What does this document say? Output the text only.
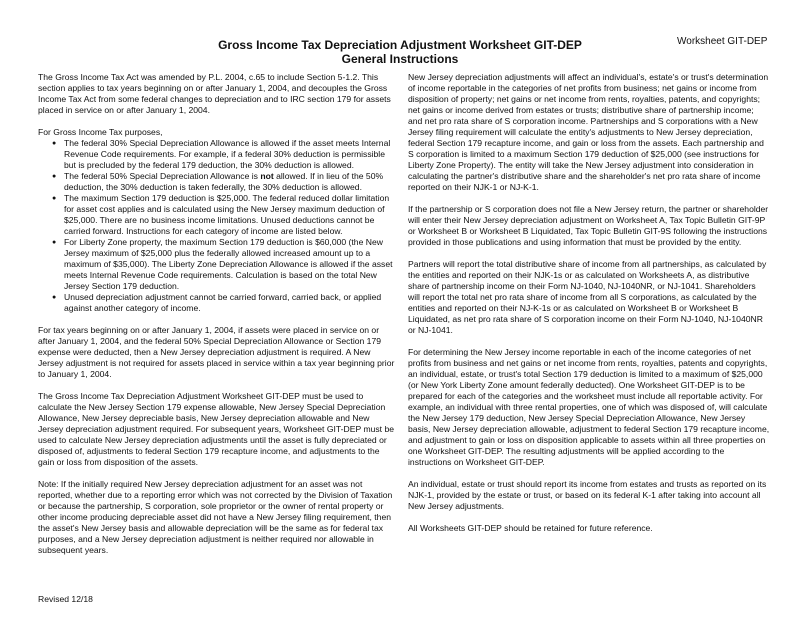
Worksheet GIT-DEP
Gross Income Tax Depreciation Adjustment Worksheet GIT-DEP
General Instructions

The Gross Income Tax Act was amended by P.L. 2004, c.65 to include Section 5-1.2. This section applies to tax years beginning on or after January 1, 2004, and decouples the Gross Income Tax Act from some federal changes to depreciation and to IRC section 179 for assets placed in service on or after January 1, 2004.

For Gross Income Tax purposes,

● The federal 30% Special Depreciation Allowance is allowed if the asset meets Internal Revenue Code requirements. For example, if a federal 30% deduction is permissible but is precluded by the federal 179 deduction, the 30% deduction is allowed.
● The federal 50% Special Depreciation Allowance is not allowed. If in lieu of the 50% deduction, the 30% deduction is taken federally, the 30% deduction is allowed.
● The maximum Section 179 deduction is $25,000. The federal reduced dollar limitation for asset cost applies and is calculated using the New Jersey maximum deduction of $25,000. There are no business income limitations. Unused deductions cannot be carried forward. Instructions for each category of income are listed below.
● For Liberty Zone property, the maximum Section 179 deduction is $60,000 (the New Jersey maximum of $25,000 plus the federally allowed increased amount up to a maximum of $35,000). The Liberty Zone Depreciation Allowance is allowed if the asset meets Internal Revenue Code requirements. Calculation is based on the total New Jersey Section 179 deduction.
● Unused depreciation adjustment cannot be carried forward, carried back, or applied against another category of income.

For tax years beginning on or after January 1, 2004, if assets were placed in service on or after January 1, 2004, and the federal 50% Special Depreciation Allowance or Section 179 expense were deducted, then a New Jersey depreciation adjustment is required. A New Jersey adjustment is not required for assets placed in service within a tax year beginning prior to January 1, 2004.

The Gross Income Tax Depreciation Adjustment Worksheet GIT-DEP must be used to calculate the New Jersey Section 179 expense allowable, New Jersey Special Depreciation Allowance, New Jersey depreciable basis, New Jersey depreciation allowable and New Jersey depreciation adjustment required. For subsequent years, Worksheet GIT-DEP must be used to calculate New Jersey depreciation adjustments until the asset is fully depreciated or disposed of, adjustments to federal Section 179 recapture income, and adjustments to the gain or loss from disposition of the assets.

Note: If the initially required New Jersey depreciation adjustment for an asset was not reported, whether due to a reporting error which was not corrected by the Division of Taxation or because the partnership, S corporation, sole proprietor or the owner of rental property or other income producing depreciable asset did not have a New Jersey filing requirement, then the asset's New Jersey basis and allowable depreciation will be the same as for federal tax purposes, and a New Jersey depreciation adjustment is neither required nor allowable in subsequent years.

New Jersey depreciation adjustments will affect an individual's, estate's or trust's determination of income reportable in the categories of net profits from business; net gains or income from disposition of property; net gains or net income from rents, royalties, patents, and copyrights; net gains or income derived from estates or trusts; distributive share of partnership income; and net pro rata share of S corporation income. Partnerships and S corporations with a New Jersey filing requirement will calculate the entity's adjustments to New Jersey depreciation, federal Section 179 recapture income, and gain or loss from the assets. Each partnership and S corporation is limited to a maximum Section 179 deduction of $25,000 (see instructions for Liberty Zone Property). The entity will take the New Jersey adjustment into consideration in calculating the partner's distributive share and the shareholder's net pro rata share of income reported on their NJK-1 or NJ-K-1.

If the partnership or S corporation does not file a New Jersey return, the partner or shareholder will enter their New Jersey depreciation adjustment on Worksheet A, Tax Topic Bulletin GIT-9P or Worksheet B or Worksheet B Liquidated, Tax Topic Bulletin GIT-9S following the instructions provided in those publications and using information that must be provided by the entity.

Partners will report the total distributive share of income from all partnerships, as calculated by the entities and reported on their NJK-1s or as calculated on Worksheets A, as distributive share of partnership income on their Form NJ-1040, NJ-1040NR, or NJ-1041. Shareholders will report the total net pro rata share of income from all S corporations, as calculated by the entities and reported on their NJ-K-1s or as calculated on Worksheet B or Worksheet B Liquidated, as net pro rata share of S corporation income on their Form NJ-1040, NJ-1040NR or NJ-1041.

For determining the New Jersey income reportable in each of the income categories of net profits from business and net gains or net income from rents, royalties, patents and copyrights, an individual, estate, or trust's total Section 179 deduction is limited to a maximum of $25,000 (or New York Liberty Zone amount federally deducted). One Worksheet GIT-DEP is to be prepared for each of the categories and the worksheet must include all reportable activity. For example, an individual with three rental properties, one of which was disposed of, will calculate the New Jersey 179 deduction, New Jersey Special Depreciation Allowance, New Jersey basis, New Jersey depreciation allowable, adjustment to federal Section 179 recapture income, and adjustment to gain or loss on disposition applicable to assets within all three properties on one Worksheet GIT-DEP. The resulting adjustments will be applied according to the instructions on Worksheet GIT-DEP.

An individual, estate or trust should report its income from estates and trusts as reported on its NJK-1, provided by the estate or trust, or based on its federal K-1 after taking into account all New Jersey adjustments.

All Worksheets GIT-DEP should be retained for future reference.

Revised 12/18
